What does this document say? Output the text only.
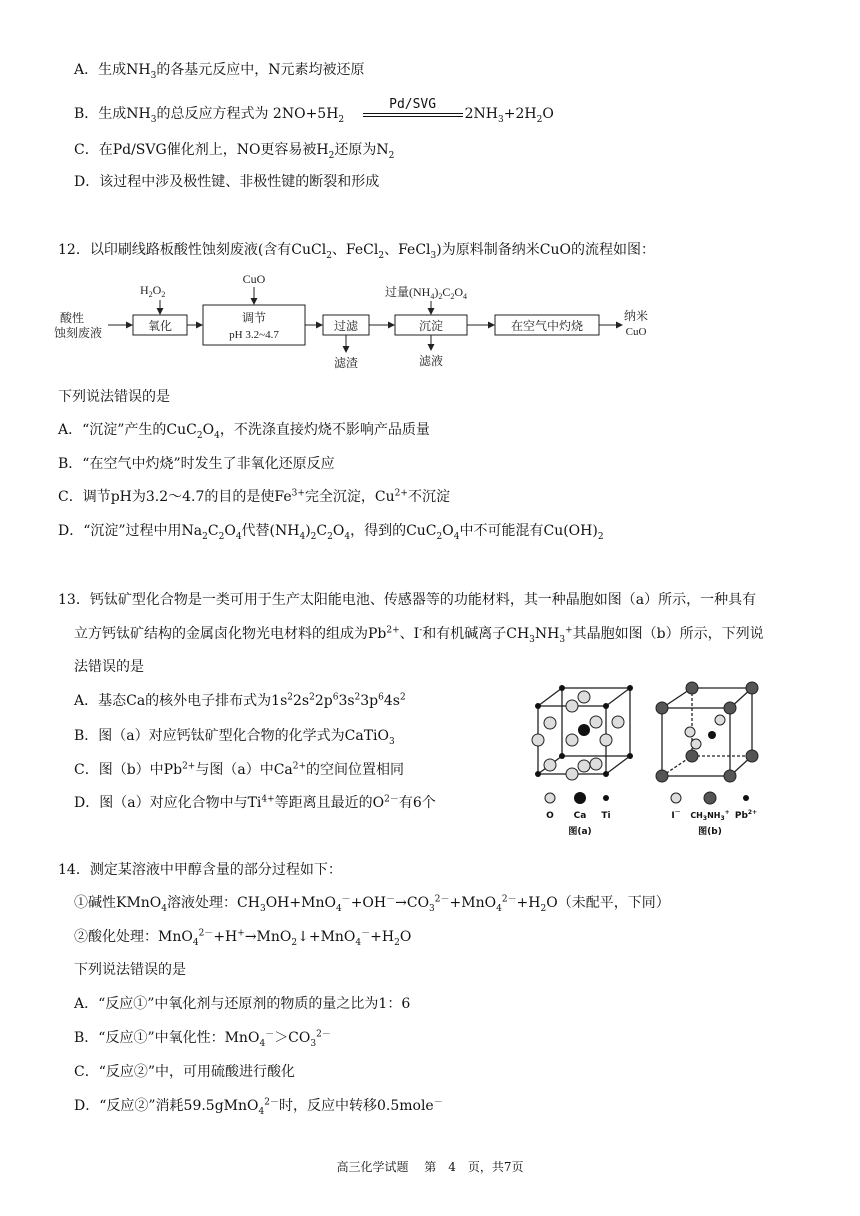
A．生成$NH_3$的各基元反应中，N元素均被还原
B．生成$NH_3$的总反应方程式为 $2NO+5H_2$
Pd/SVG
$2NH_3+2H_2O$
C．在Pd/SVG催化剂上，NO更容易被$H_2$还原为$N_2$
D．该过程中涉及极性键、非极性键的断裂和形成
12．以印刷线路板酸性蚀刻废液(含有CuCl$_2$、FeCl$_2$、FeCl$_3$)为原料制备纳米CuO的流程如图：
酸性
蚀刻废液	氧化
$H_2O_2$
调节
pH 3.2~4.7
CuO
过滤
滤渣
沉淀
过量$(NH_4)_2C_2O_4$
滤液
在空气中灼烧
纳米
CuO
下列说法错误的是
A．“沉淀”产生的$CuC_2O_4$，不洗涤直接灼烧不影响产品质量
B．“在空气中灼烧”时发生了非氧化还原反应
C．调节pH为3.2～4.7的目的是使$Fe^{3+}$完全沉淀，$Cu^{2+}$不沉淀
D．“沉淀”过程中用$Na_2C_2O_4$代替$(NH_4)_2C_2O_4$，得到的$CuC_2O_4$中不可能混有$Cu(OH)_2$
13．钙钛矿型化合物是一类可用于生产太阳能电池、传感器等的功能材料，其一种晶胞如图（a）所示，一种具有
立方钙钛矿结构的金属卤化物光电材料的组成为$Pb^{2+}$、I-和有机碱离子$CH_3NH_3^+$其晶胞如图（b）所示，下列说
法错误的是
A．基态Ca的核外电子排布式为$1s^22s^22p^63s^23p^64s^2$
B．图（a）对应钙钛矿型化合物的化学式为CaTiO$_3$
C．图（b）中$Pb^{2+}$与图（a）中$Ca^{2+}$的空间位置相同
D．图（a）对应化合物中与$Ti^{4+}$等距离且最近的$O^{2-}$有6个
O Ca Ti
图(a)
I－ $CH_3NH_3^+$ $Pb^{2+}$
图(b)
14．测定某溶液中甲醇含量的部分过程如下：
①碱性KMnO$_4$溶液处理：$CH_3OH+MnO_4^-+OH^-\to CO_3^{2-}+MnO_4^{2-}+H_2O$（未配平，下同）
②酸化处理：$MnO_4^{2-}+H^+\to MnO_2↓+MnO_4^-+H_2O$
下列说法错误的是
A．“反应①”中氧化剂与还原剂的物质的量之比为1：6
B．“反应①”中氧化性：$MnO_4^->CO_3^{2-}$
C．“反应②”中，可用硫酸进行酸化
D．“反应②”消耗59.5gMnO$_4^{2-}$时，反应中转移0.5mole－
高三化学试题　 第　4　页，共7页
